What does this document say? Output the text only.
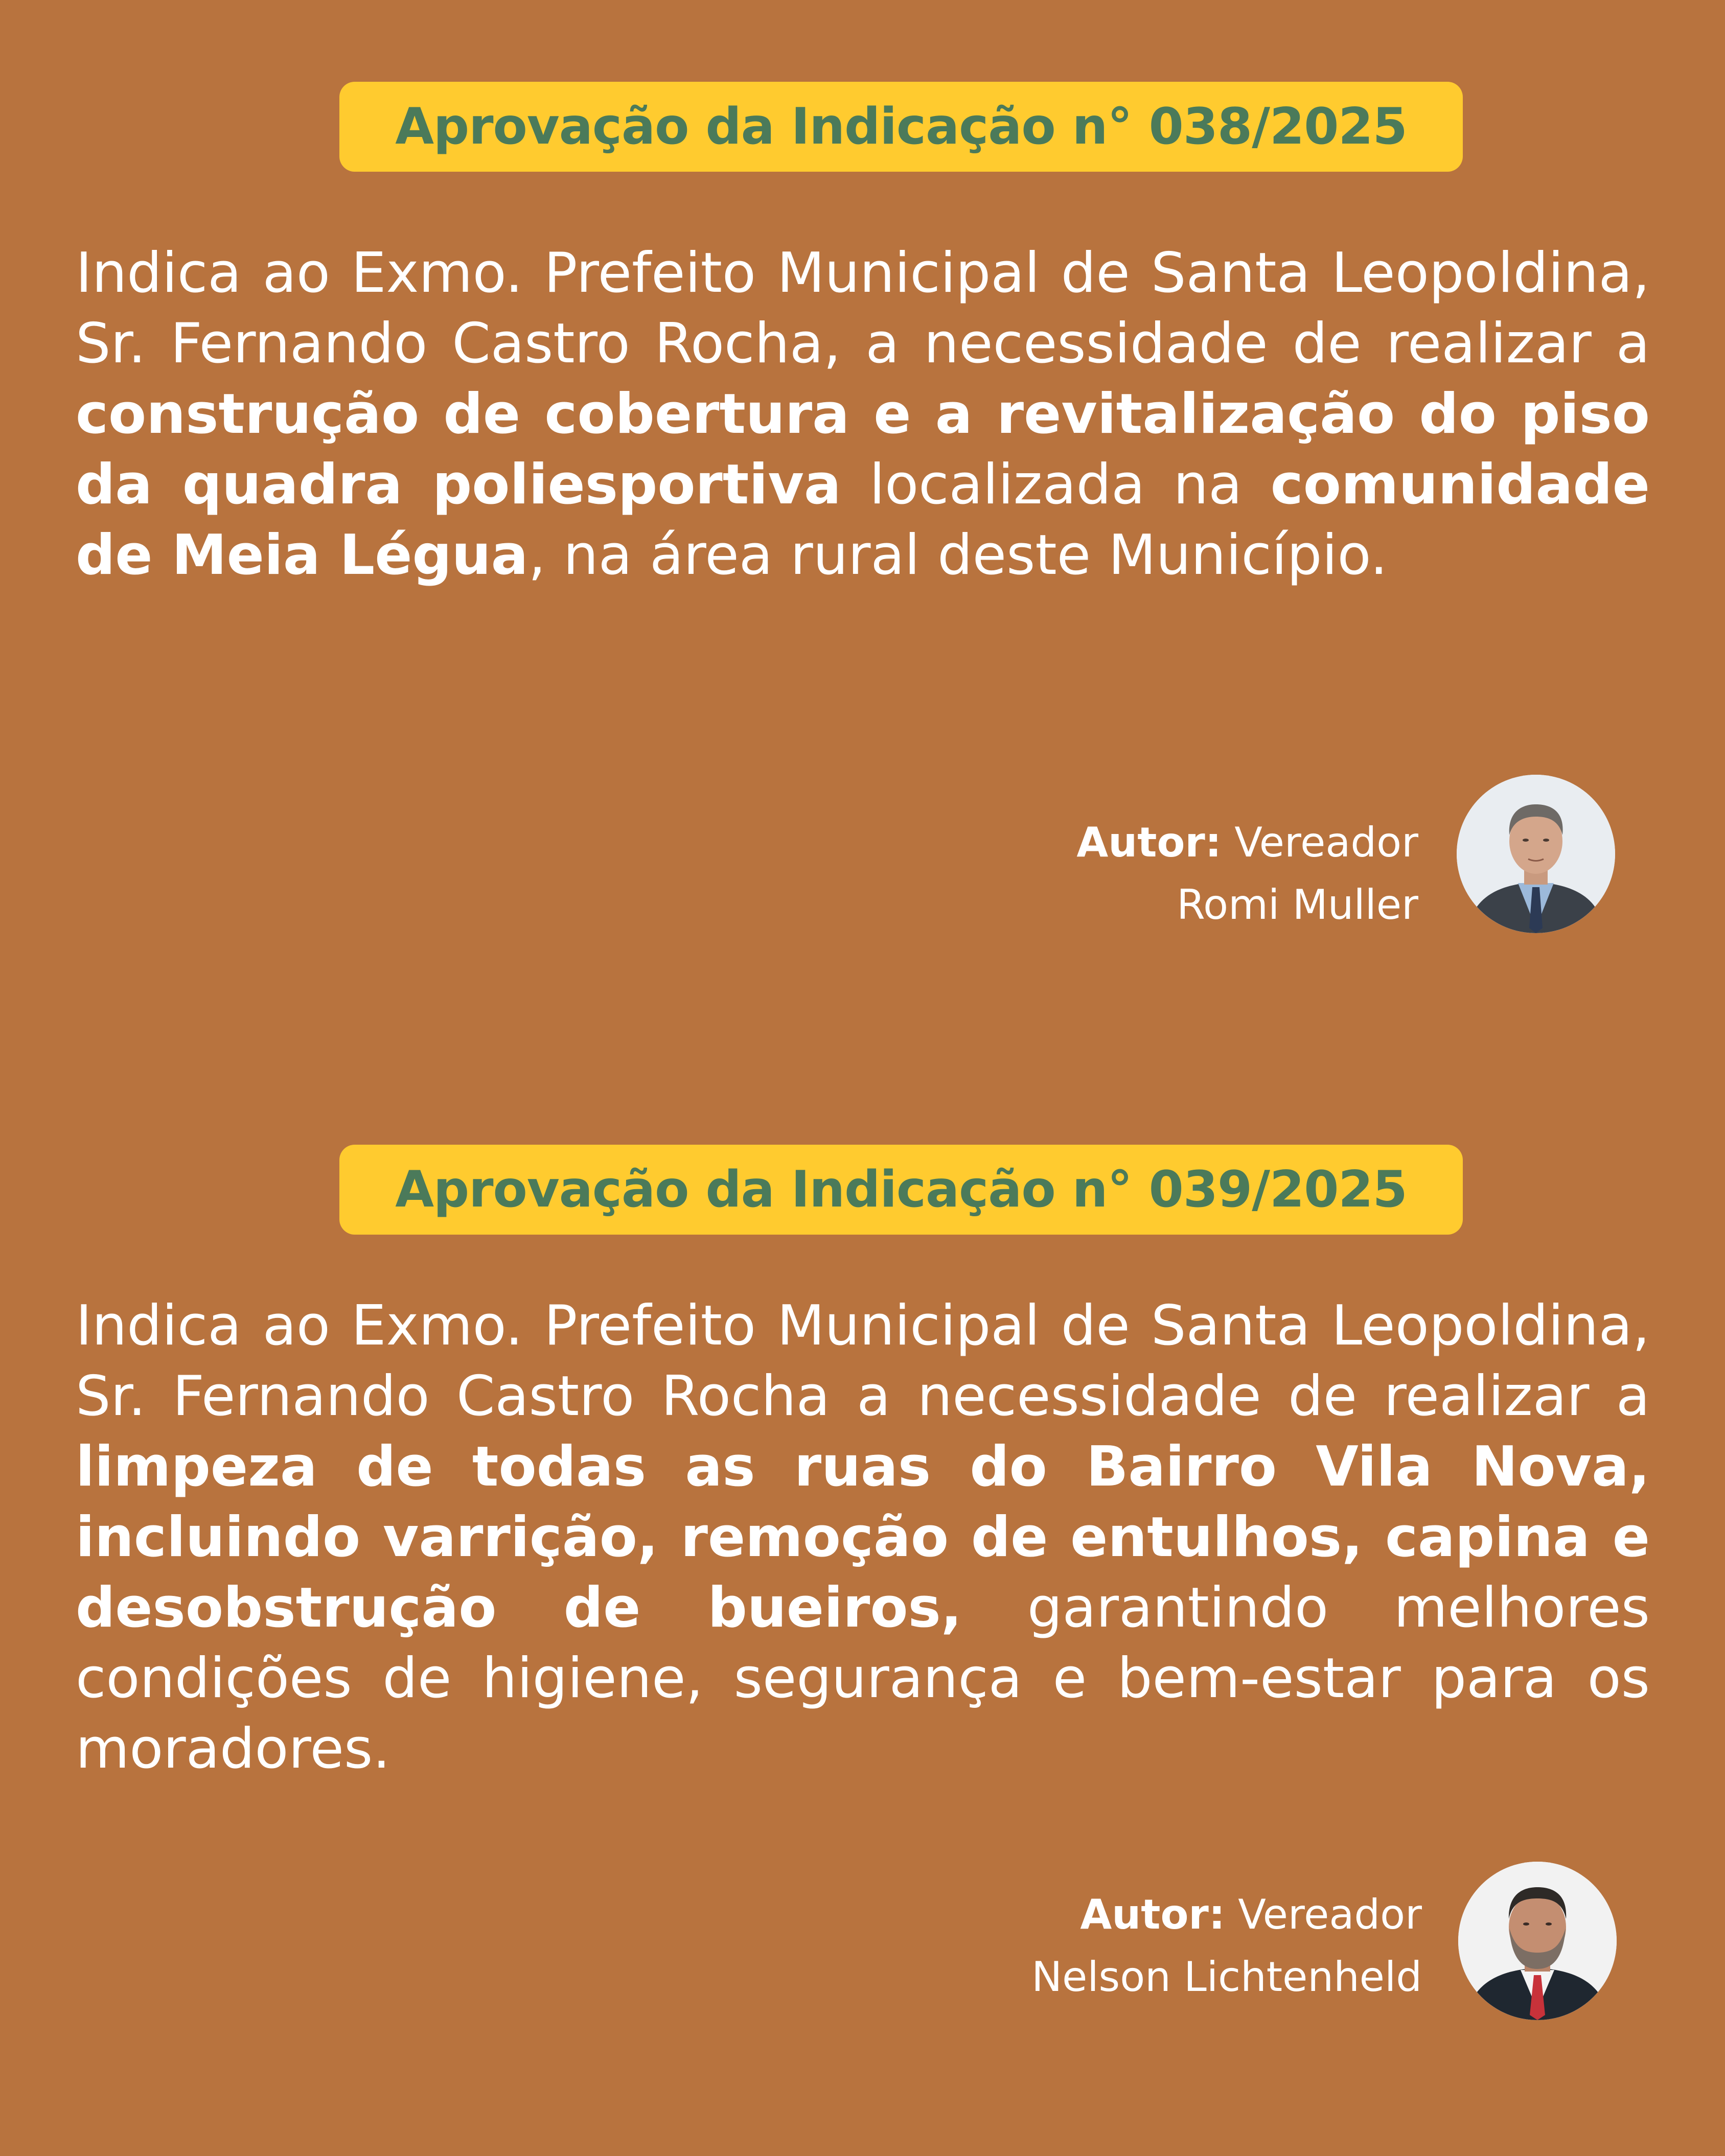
Aprovação da Indicação n° 038/2025

Indica ao Exmo. Prefeito Municipal de Santa Leopoldina, Sr. Fernando Castro Rocha, a necessidade de realizar a construção de cobertura e a revitalização do piso da quadra poliesportiva localizada na comunidade de Meia Légua, na área rural deste Município.

Autor: Vereador
Romi Muller
Aprovação da Indicação n° 039/2025

Indica ao Exmo. Prefeito Municipal de Santa Leopoldina, Sr. Fernando Castro Rocha a necessidade de realizar a limpeza de todas as ruas do Bairro Vila Nova, incluindo varrição, remoção de entulhos, capina e desobstrução de bueiros, garantindo melhores condições de higiene, segurança e bem-estar para os moradores.

Autor: Vereador
Nelson Lichtenheld
